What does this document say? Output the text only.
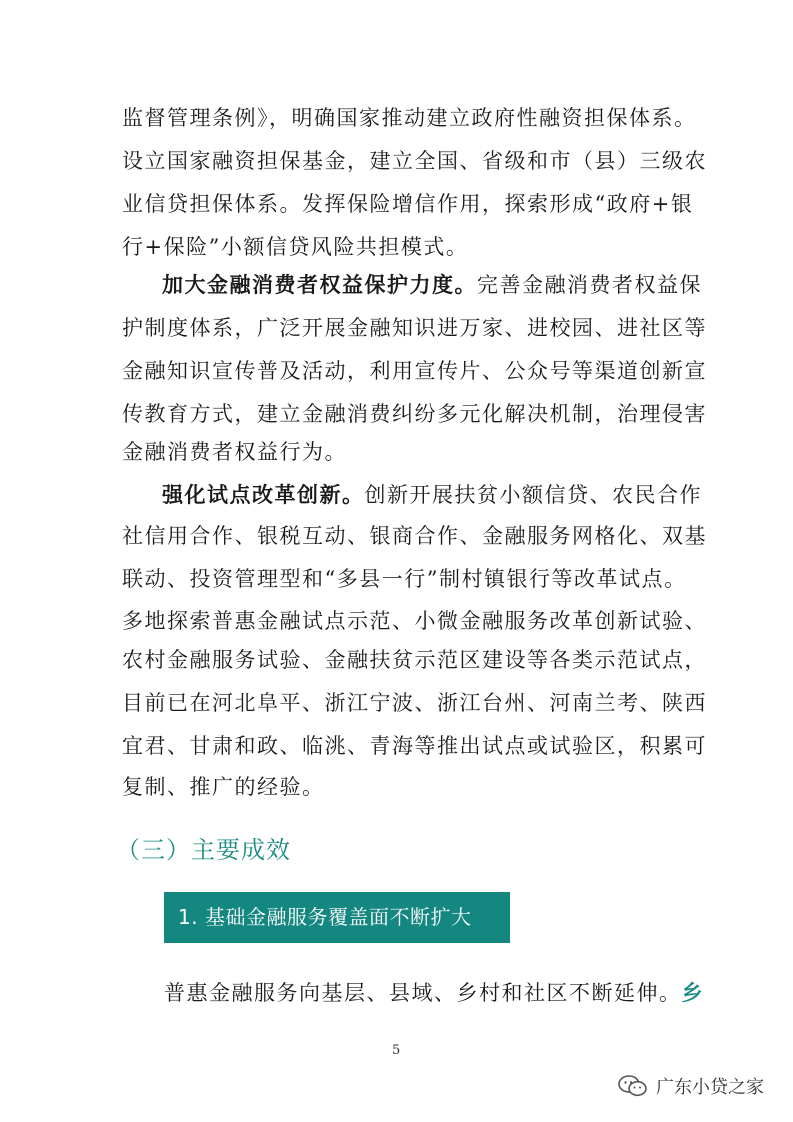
监督管理条例》，明确国家推动建立政府性融资担保体系。
设立国家融资担保基金，建立全国、省级和市（县）三级农
业信贷担保体系。发挥保险增信作用，探索形成“政府+银
行+保险”小额信贷风险共担模式。
加大金融消费者权益保护力度。完善金融消费者权益保
护制度体系，广泛开展金融知识进万家、进校园、进社区等
金融知识宣传普及活动，利用宣传片、公众号等渠道创新宣
传教育方式，建立金融消费纠纷多元化解决机制，治理侵害
金融消费者权益行为。
强化试点改革创新。创新开展扶贫小额信贷、农民合作
社信用合作、银税互动、银商合作、金融服务网格化、双基
联动、投资管理型和“多县一行”制村镇银行等改革试点。
多地探索普惠金融试点示范、小微金融服务改革创新试验、
农村金融服务试验、金融扶贫示范区建设等各类示范试点，
目前已在河北阜平、浙江宁波、浙江台州、河南兰考、陕西
宜君、甘肃和政、临洮、青海等推出试点或试验区，积累可
复制、推广的经验。
（三）主要成效
1. 基础金融服务覆盖面不断扩大
普惠金融服务向基层、县域、乡村和社区不断延伸。乡
5
广东小贷之家
